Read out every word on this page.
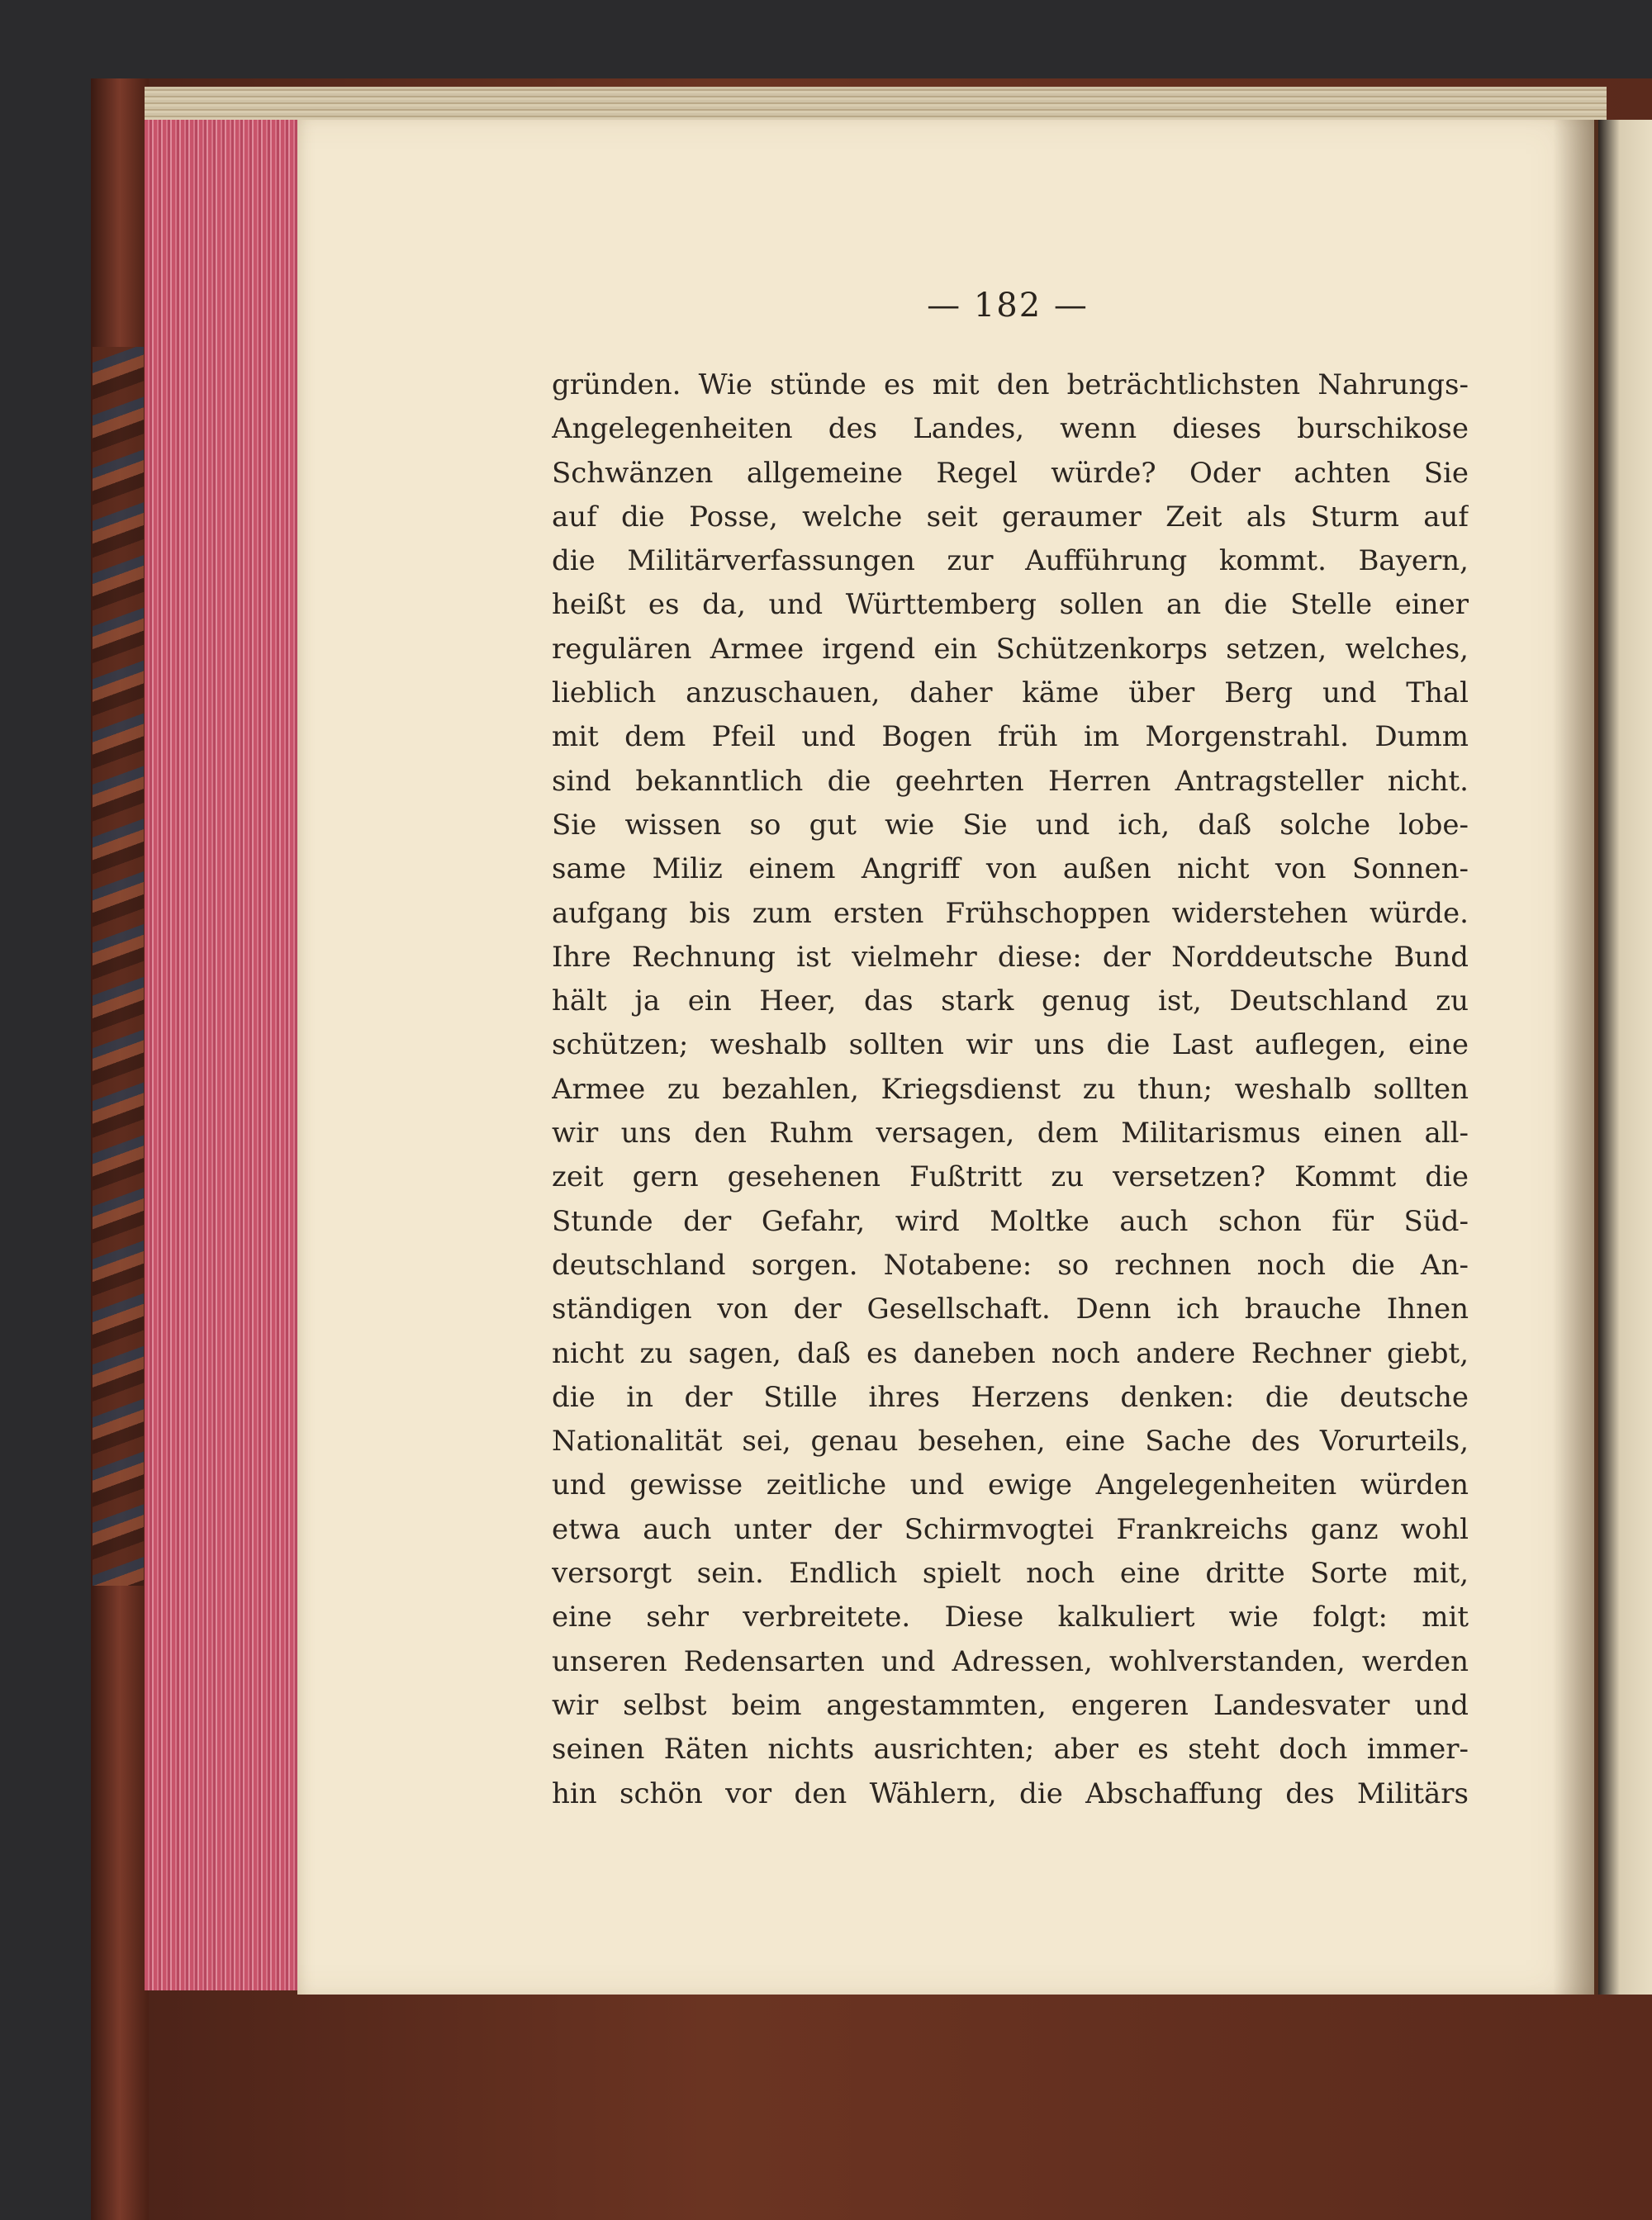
— 182 —
gründen. Wie stünde es mit den beträchtlichsten Nahrungs-
Angelegenheiten des Landes, wenn dieses burschikose
Schwänzen allgemeine Regel würde? Oder achten Sie
auf die Posse, welche seit geraumer Zeit als Sturm auf
die Militärverfassungen zur Aufführung kommt. Bayern,
heißt es da, und Württemberg sollen an die Stelle einer
regulären Armee irgend ein Schützenkorps setzen, welches,
lieblich anzuschauen, daher käme über Berg und Thal
mit dem Pfeil und Bogen früh im Morgenstrahl. Dumm
sind bekanntlich die geehrten Herren Antragsteller nicht.
Sie wissen so gut wie Sie und ich, daß solche lobe-
same Miliz einem Angriff von außen nicht von Sonnen-
aufgang bis zum ersten Frühschoppen widerstehen würde.
Ihre Rechnung ist vielmehr diese: der Norddeutsche Bund
hält ja ein Heer, das stark genug ist, Deutschland zu
schützen; weshalb sollten wir uns die Last auflegen, eine
Armee zu bezahlen, Kriegsdienst zu thun; weshalb sollten
wir uns den Ruhm versagen, dem Militarismus einen all-
zeit gern gesehenen Fußtritt zu versetzen? Kommt die
Stunde der Gefahr, wird Moltke auch schon für Süd-
deutschland sorgen. Notabene: so rechnen noch die An-
ständigen von der Gesellschaft. Denn ich brauche Ihnen
nicht zu sagen, daß es daneben noch andere Rechner giebt,
die in der Stille ihres Herzens denken: die deutsche
Nationalität sei, genau besehen, eine Sache des Vorurteils,
und gewisse zeitliche und ewige Angelegenheiten würden
etwa auch unter der Schirmvogtei Frankreichs ganz wohl
versorgt sein. Endlich spielt noch eine dritte Sorte mit,
eine sehr verbreitete. Diese kalkuliert wie folgt: mit
unseren Redensarten und Adressen, wohlverstanden, werden
wir selbst beim angestammten, engeren Landesvater und
seinen Räten nichts ausrichten; aber es steht doch immer-
hin schön vor den Wählern, die Abschaffung des Militärs
